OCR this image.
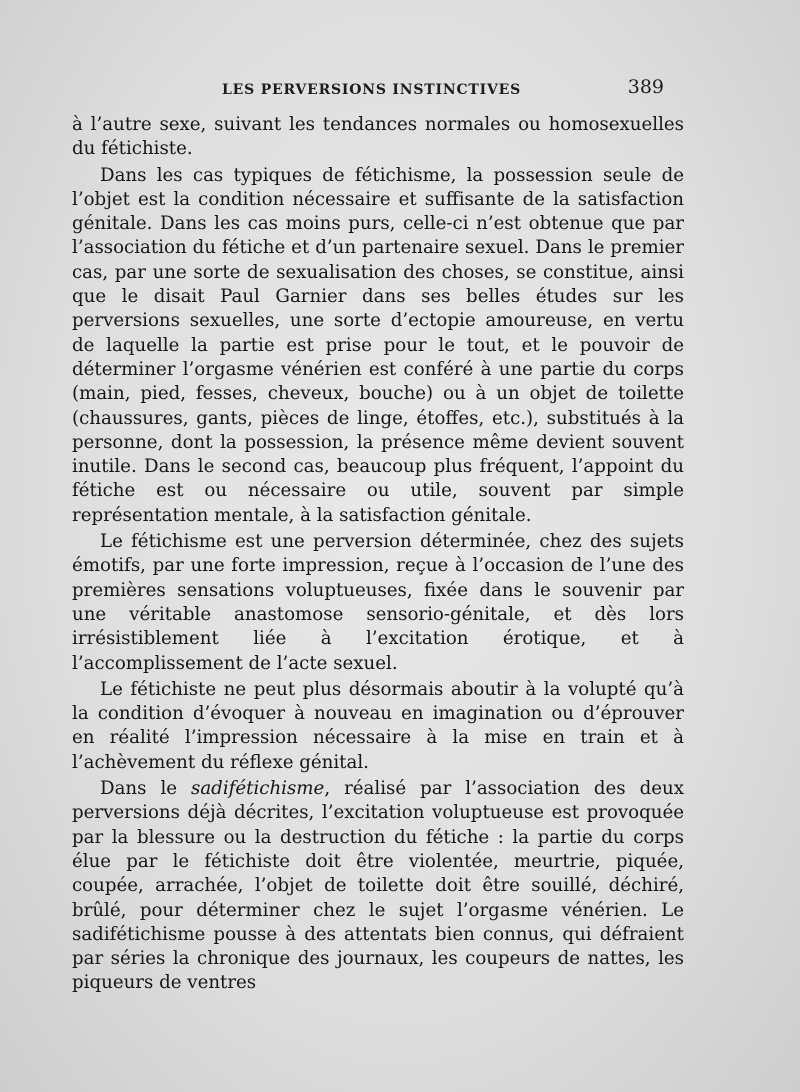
LES PERVERSIONS INSTINCTIVES	389

à l’autre sexe, suivant les tendances normales ou homosexuelles du fétichiste.

Dans les cas typiques de fétichisme, la possession seule de l’objet est la condition nécessaire et suffisante de la satisfaction génitale. Dans les cas moins purs, celle-ci n’est obtenue que par l’association du fétiche et d’un partenaire sexuel. Dans le premier cas, par une sorte de sexualisation des choses, se constitue, ainsi que le disait Paul Garnier dans ses belles études sur les perversions sexuelles, une sorte d’ectopie amoureuse, en vertu de laquelle la partie est prise pour le tout, et le pouvoir de déterminer l’orgasme vénérien est conféré à une partie du corps (main, pied, fesses, cheveux, bouche) ou à un objet de toilette (chaussures, gants, pièces de linge, étoffes, etc.), substitués à la personne, dont la possession, la présence même devient souvent inutile. Dans le second cas, beaucoup plus fréquent, l’appoint du fétiche est ou nécessaire ou utile, souvent par simple représentation mentale, à la satisfaction génitale.

Le fétichisme est une perversion déterminée, chez des sujets émotifs, par une forte impression, reçue à l’occasion de l’une des premières sensations voluptueuses, fixée dans le souvenir par une véritable anastomose sensorio-génitale, et dès lors irrésistiblement liée à l’excitation érotique, et à l’accomplissement de l’acte sexuel.

Le fétichiste ne peut plus désormais aboutir à la volupté qu’à la condition d’évoquer à nouveau en imagination ou d’éprouver en réalité l’impression nécessaire à la mise en train et à l’achèvement du réflexe génital.

Dans le sadifétichisme, réalisé par l’association des deux perversions déjà décrites, l’excitation voluptueuse est provoquée par la blessure ou la destruction du fétiche : la partie du corps élue par le fétichiste doit être violentée, meurtrie, piquée, coupée, arrachée, l’objet de toilette doit être souillé, déchiré, brûlé, pour déterminer chez le sujet l’orgasme vénérien. Le sadifétichisme pousse à des attentats bien connus, qui défraient par séries la chronique des journaux, les coupeurs de nattes, les piqueurs de ventres
